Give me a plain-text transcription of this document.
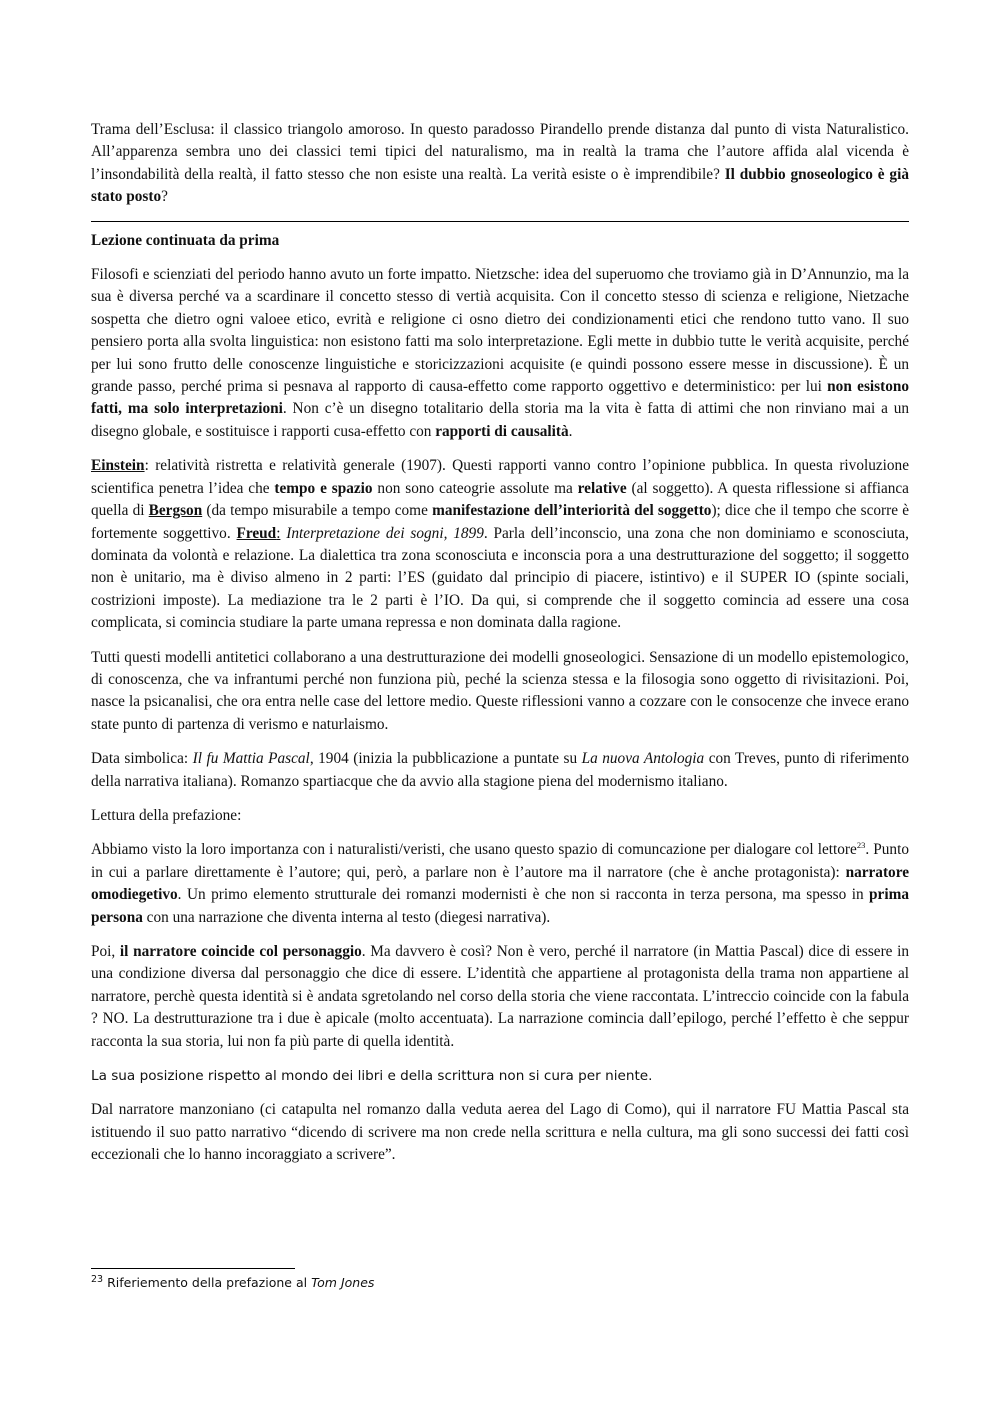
Trama dell’Esclusa: il classico triangolo amoroso. In questo paradosso Pirandello prende distanza dal punto di vista Naturalistico. All’apparenza sembra uno dei classici temi tipici del naturalismo, ma in realtà la trama che l’autore affida alal vicenda è l’insondabilità della realtà, il fatto stesso che non esiste una realtà. La verità esiste o è imprendibile? Il dubbio gnoseologico è già stato posto?

Lezione continuata da prima

Filosofi e scienziati del periodo hanno avuto un forte impatto. Nietzsche: idea del superuomo che troviamo già in D’Annunzio, ma la sua è diversa perché va a scardinare il concetto stesso di vertià acquisita. Con il concetto stesso di scienza e religione, Nietzache sospetta che dietro ogni valoee etico, evrità e religione ci osno dietro dei condizionamenti etici che rendono tutto vano. Il suo pensiero porta alla svolta linguistica: non esistono fatti ma solo interpretazione. Egli mette in dubbio tutte le verità acquisite, perché per lui sono frutto delle conoscenze linguistiche e storicizzazioni acquisite (e quindi possono essere messe in discussione). È un grande passo, perché prima si pesnava al rapporto di causa-effetto come rapporto oggettivo e deterministico: per lui non esistono fatti, ma solo interpretazioni. Non c’è un disegno totalitario della storia ma la vita è fatta di attimi che non rinviano mai a un disegno globale, e sostituisce i rapporti cusa-effetto con rapporti di causalità.

Einstein: relatività ristretta e relatività generale (1907). Questi rapporti vanno contro l’opinione pubblica. In questa rivoluzione scientifica penetra l’idea che tempo e spazio non sono cateogrie assolute ma relative (al soggetto). A questa riflessione si affianca quella di Bergson (da tempo misurabile a tempo come manifestazione dell’interiorità del soggetto); dice che il tempo che scorre è fortemente soggettivo. Freud: Interpretazione dei sogni, 1899. Parla dell’inconscio, una zona che non dominiamo e sconosciuta, dominata da volontà e relazione. La dialettica tra zona sconosciuta e inconscia pora a una destrutturazione del soggetto; il soggetto non è unitario, ma è diviso almeno in 2 parti: l’ES (guidato dal principio di piacere, istintivo) e il SUPER IO (spinte sociali, costrizioni imposte). La mediazione tra le 2 parti è l’IO. Da qui, si comprende che il soggetto comincia ad essere una cosa complicata, si comincia studiare la parte umana repressa e non dominata dalla ragione.

Tutti questi modelli antitetici collaborano a una destrutturazione dei modelli gnoseologici. Sensazione di un modello epistemologico, di conoscenza, che va infrantumi perché non funziona più, peché la scienza stessa e la filosogia sono oggetto di rivisitazioni. Poi, nasce la psicanalisi, che ora entra nelle case del lettore medio. Queste riflessioni vanno a cozzare con le consocenze che invece erano state punto di partenza di verismo e naturlaismo.

Data simbolica: Il fu Mattia Pascal, 1904 (inizia la pubblicazione a puntate su La nuova Antologia con Treves, punto di riferimento della narrativa italiana). Romanzo spartiacque che da avvio alla stagione piena del modernismo italiano.

Lettura della prefazione:

Abbiamo visto la loro importanza con i naturalisti/veristi, che usano questo spazio di comuncazione per dialogare col lettore$^{23}$. Punto in cui a parlare direttamente è l’autore; qui, però, a parlare non è l’autore ma il narratore (che è anche protagonista): narratore omodiegetivo. Un primo elemento strutturale dei romanzi modernisti è che non si racconta in terza persona, ma spesso in prima persona con una narrazione che diventa interna al testo (diegesi narrativa).

Poi, il narratore coincide col personaggio. Ma davvero è così? Non è vero, perché il narratore (in Mattia Pascal) dice di essere in una condizione diversa dal personaggio che dice di essere. L’identità che appartiene al protagonista della trama non appartiene al narratore, perchè questa identità si è andata sgretolando nel corso della storia che viene raccontata. L’intreccio coincide con la fabula ? NO. La destrutturazione tra i due è apicale (molto accentuata). La narrazione comincia dall’epilogo, perché l’effetto è che seppur racconta la sua storia, lui non fa più parte di quella identità.

La sua posizione rispetto al mondo dei libri e della scrittura non si cura per niente.

Dal narratore manzoniano (ci catapulta nel romanzo dalla veduta aerea del Lago di Como), qui il narratore FU Mattia Pascal sta istituendo il suo patto narrativo “dicendo di scrivere ma non crede nella scrittura e nella cultura, ma gli sono successi dei fatti così eccezionali che lo hanno incoraggiato a scrivere”.

$^{23}$ Riferiemento della prefazione al Tom Jones
